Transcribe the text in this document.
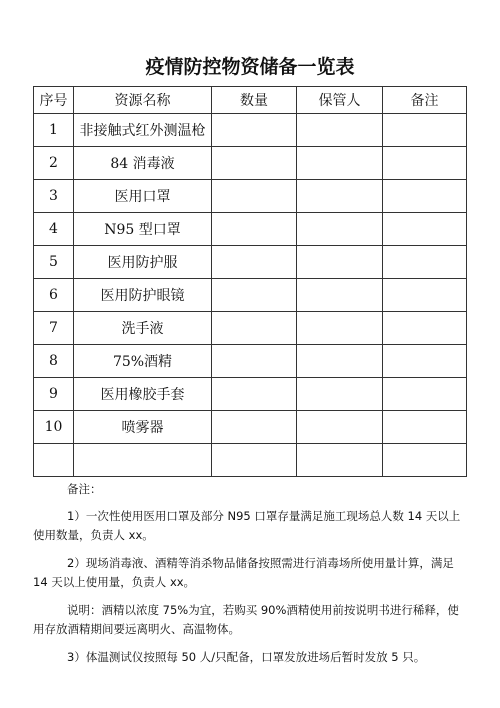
疫情防控物资储备一览表
序号	资源名称	数量	保管人	备注
1	非接触式红外测温枪			
2	84 消毒液			
3	医用口罩			
4	N95 型口罩			
5	医用防护服			
6	医用防护眼镜			
7	洗手液			
8	75%酒精			
9	医用橡胶手套			
10	喷雾器			

备注：

1）一次性使用医用口罩及部分 N95 口罩存量满足施工现场总人数 14 天以上使用数量，负责人 xx。

2）现场消毒液、酒精等消杀物品储备按照需进行消毒场所使用量计算，满足 14 天以上使用量，负责人 xx。

说明：酒精以浓度 75%为宜，若购买 90%酒精使用前按说明书进行稀释，使用存放酒精期间要远离明火、高温物体。

3）体温测试仪按照每 50 人/只配备，口罩发放进场后暂时发放 5 只。
